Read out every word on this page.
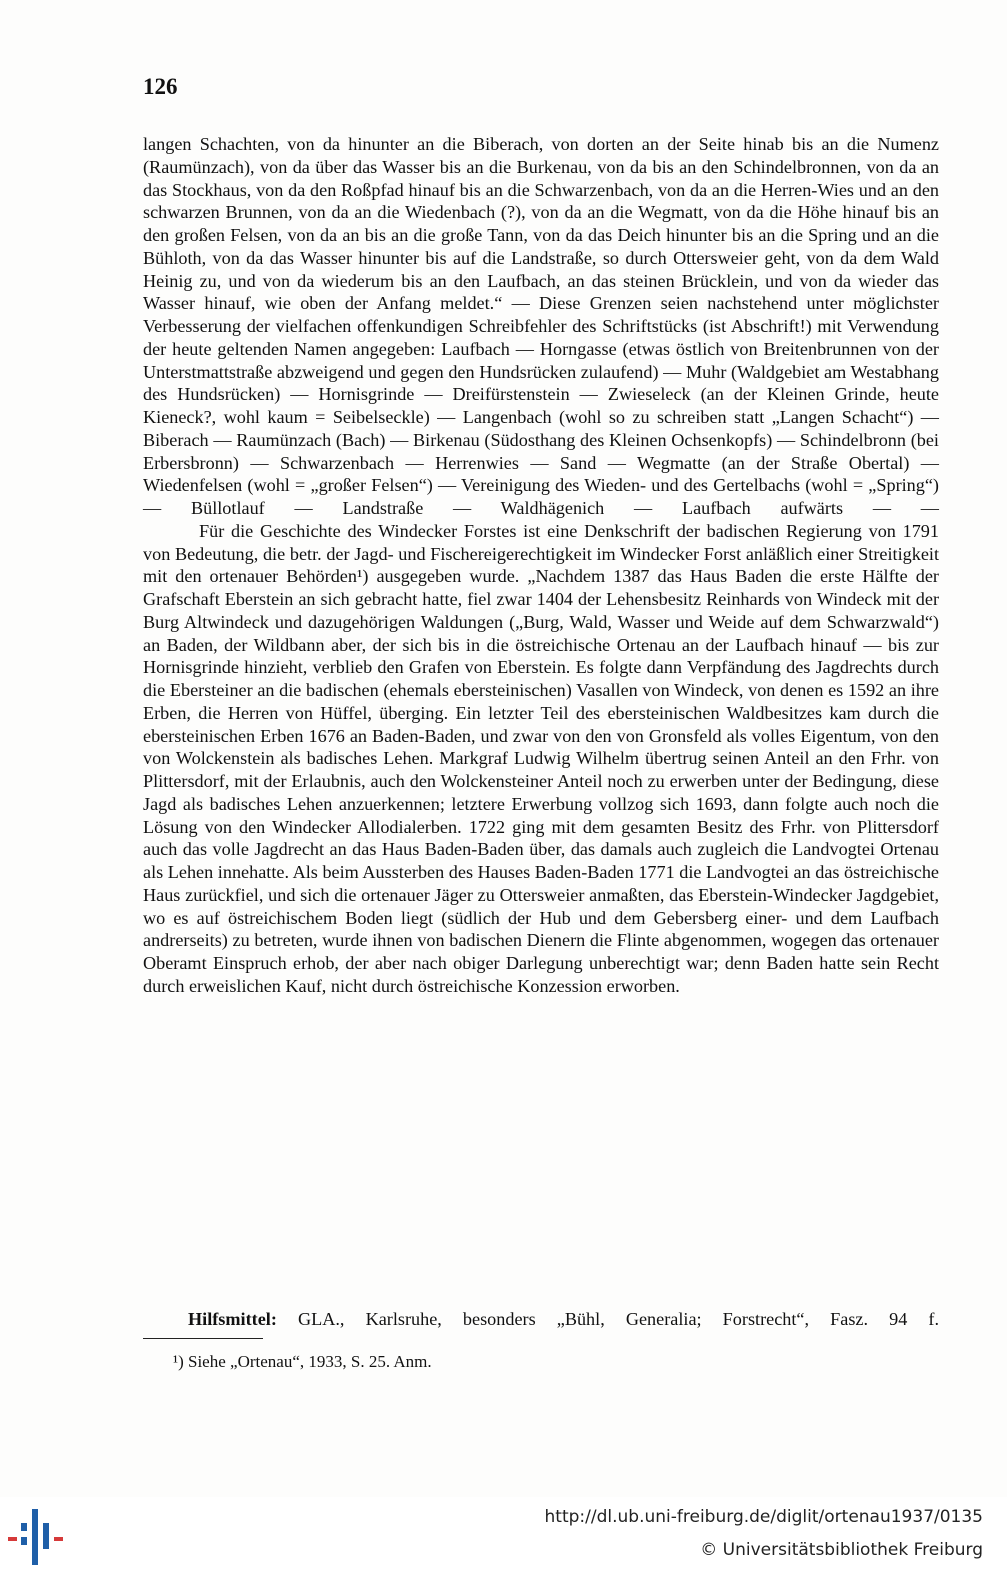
126

langen Schachten, von da hinunter an die Biberach, von dorten an der Seite hinab bis an die Numenz (Raumünzach), von da über das Wasser bis an die Burkenau, von da bis an den Schindelbronnen, von da an das Stockhaus, von da den Roßpfad hinauf bis an die Schwarzenbach, von da an die Herren-Wies und an den schwarzen Brunnen, von da an die Wiedenbach (?), von da an die Wegmatt, von da die Höhe hinauf bis an den großen Felsen, von da an bis an die große Tann, von da das Deich hinunter bis an die Spring und an die Bühloth, von da das Wasser hinunter bis auf die Landstraße, so durch Ottersweier geht, von da dem Wald Heinig zu, und von da wiederum bis an den Laufbach, an das steinen Brücklein, und von da wieder das Wasser hinauf, wie oben der Anfang meldet.“ — Diese Grenzen seien nachstehend unter möglichster Verbesserung der vielfachen offenkundigen Schreibfehler des Schriftstücks (ist Abschrift!) mit Verwendung der heute geltenden Namen angegeben: Laufbach — Horngasse (etwas östlich von Breitenbrunnen von der Unterstmattstraße abzweigend und gegen den Hundsrücken zulaufend) — Muhr (Waldgebiet am Westabhang des Hundsrücken) — Hornisgrinde — Dreifürstenstein — Zwieseleck (an der Kleinen Grinde, heute Kieneck?, wohl kaum = Seibelseckle) — Langenbach (wohl so zu schreiben statt „Langen Schacht“) — Biberach — Raumünzach (Bach) — Birkenau (Südosthang des Kleinen Ochsenkopfs) — Schindelbronn (bei Erbersbronn) — Schwarzenbach — Herrenwies — Sand — Wegmatte (an der Straße Obertal) — Wiedenfelsen (wohl = „großer Felsen“) — Vereinigung des Wieden- und des Gertelbachs (wohl = „Spring“) — Büllotlauf — Landstraße — Waldhägenich — Laufbach aufwärts — —

Für die Geschichte des Windecker Forstes ist eine Denkschrift der badischen Regierung von 1791 von Bedeutung, die betr. der Jagd- und Fischereigerechtigkeit im Windecker Forst anläßlich einer Streitigkeit mit den ortenauer Behörden¹) ausgegeben wurde. „Nachdem 1387 das Haus Baden die erste Hälfte der Grafschaft Eberstein an sich gebracht hatte, fiel zwar 1404 der Lehensbesitz Reinhards von Windeck mit der Burg Altwindeck und dazugehörigen Waldungen („Burg, Wald, Wasser und Weide auf dem Schwarzwald“) an Baden, der Wildbann aber, der sich bis in die östreichische Ortenau an der Laufbach hinauf — bis zur Hornisgrinde hinzieht, verblieb den Grafen von Eberstein. Es folgte dann Verpfändung des Jagdrechts durch die Ebersteiner an die badischen (ehemals ebersteinischen) Vasallen von Windeck, von denen es 1592 an ihre Erben, die Herren von Hüffel, überging. Ein letzter Teil des ebersteinischen Waldbesitzes kam durch die ebersteinischen Erben 1676 an Baden-Baden, und zwar von den von Gronsfeld als volles Eigentum, von den von Wolckenstein als badisches Lehen. Markgraf Ludwig Wilhelm übertrug seinen Anteil an den Frhr. von Plittersdorf, mit der Erlaubnis, auch den Wolckensteiner Anteil noch zu erwerben unter der Bedingung, diese Jagd als badisches Lehen anzuerkennen; letztere Erwerbung vollzog sich 1693, dann folgte auch noch die Lösung von den Windecker Allodialerben. 1722 ging mit dem gesamten Besitz des Frhr. von Plittersdorf auch das volle Jagdrecht an das Haus Baden-Baden über, das damals auch zugleich die Landvogtei Ortenau als Lehen innehatte. Als beim Aussterben des Hauses Baden-Baden 1771 die Landvogtei an das östreichische Haus zurückfiel, und sich die ortenauer Jäger zu Ottersweier anmaßten, das Eberstein-Windecker Jagdgebiet, wo es auf östreichischem Boden liegt (südlich der Hub und dem Gebersberg einer- und dem Laufbach andrerseits) zu betreten, wurde ihnen von badischen Dienern die Flinte abgenommen, wogegen das ortenauer Oberamt Einspruch erhob, der aber nach obiger Darlegung unberechtigt war; denn Baden hatte sein Recht durch erweislichen Kauf, nicht durch östreichische Konzession erworben.

Hilfsmittel: GLA., Karlsruhe, besonders „Bühl, Generalia; Forstrecht“, Fasz. 94 f.
¹) Siehe „Ortenau“, 1933, S. 25. Anm.
http://dl.ub.uni-freiburg.de/diglit/ortenau1937/0135
© Universitätsbibliothek Freiburg
